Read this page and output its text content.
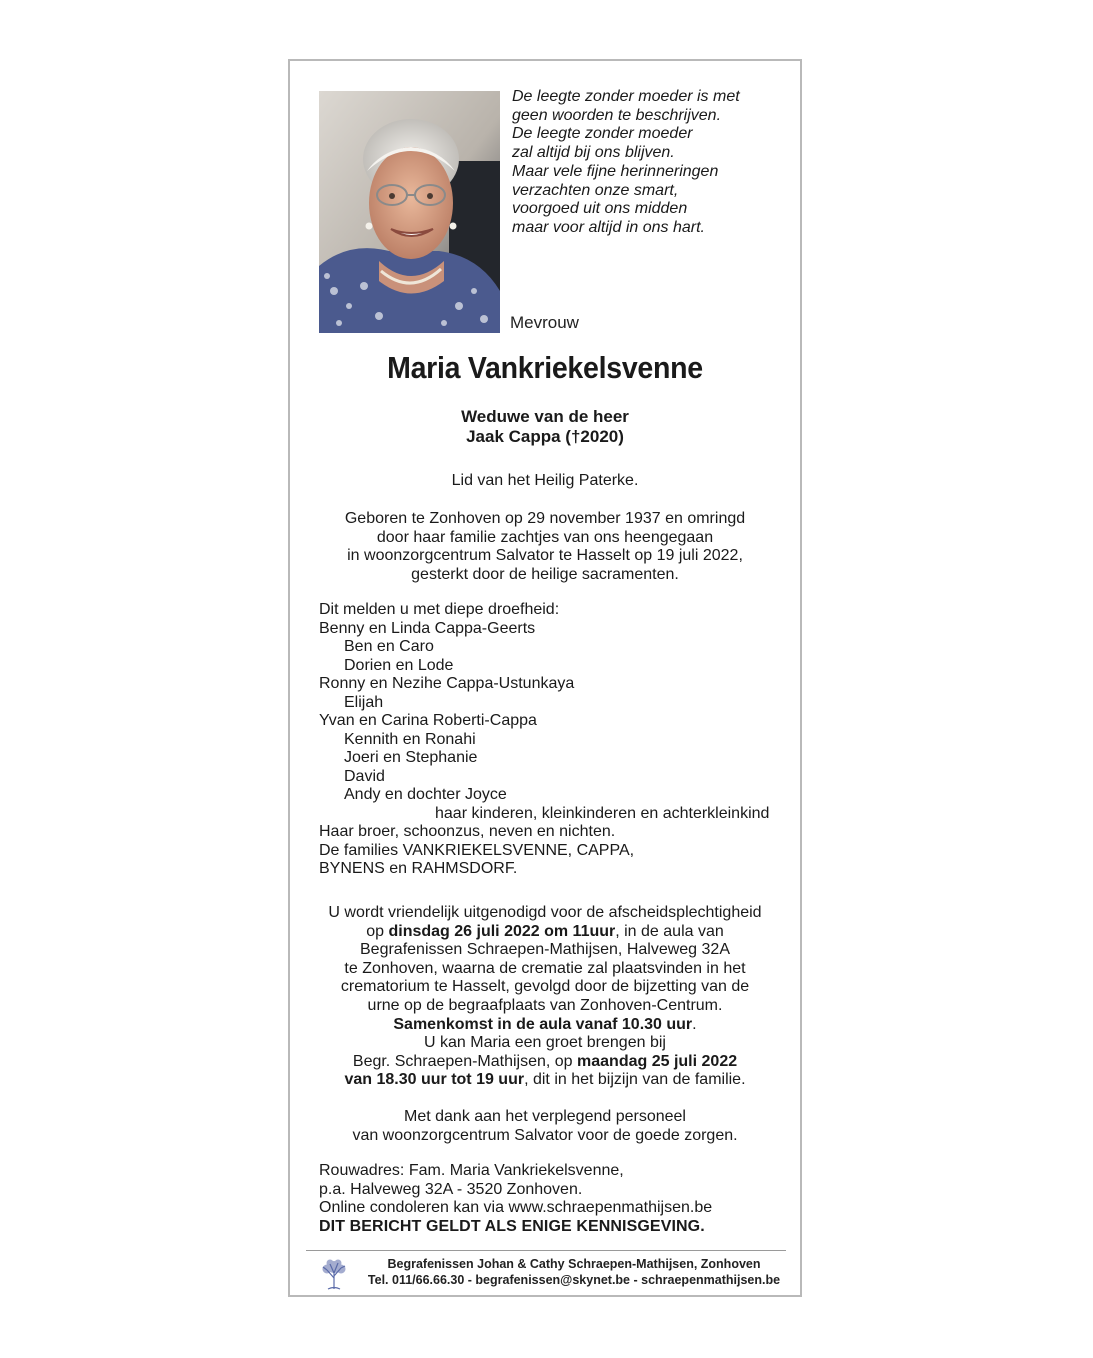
De leegte zonder moeder is met
geen woorden te beschrijven.
De leegte zonder moeder
zal altijd bij ons blijven.
Maar vele fijne herinneringen
verzachten onze smart,
voorgoed uit ons midden
maar voor altijd in ons hart.
Mevrouw
Maria Vankriekelsvenne
Weduwe van de heer
Jaak Cappa (†2020)
Lid van het Heilig Paterke.
Geboren te Zonhoven op 29 november 1937 en omringd
door haar familie zachtjes van ons heengegaan
in woonzorgcentrum Salvator te Hasselt op 19 juli 2022,
gesterkt door de heilige sacramenten.
Dit melden u met diepe droefheid:
Benny en Linda Cappa-Geerts
Ben en Caro
Dorien en Lode
Ronny en Nezihe Cappa-Ustunkaya
Elijah
Yvan en Carina Roberti-Cappa
Kennith en Ronahi
Joeri en Stephanie
David
Andy en dochter Joyce
haar kinderen, kleinkinderen en achterkleinkind
Haar broer, schoonzus, neven en nichten.
De families VANKRIEKELSVENNE, CAPPA,
BYNENS en RAHMSDORF.
U wordt vriendelijk uitgenodigd voor de afscheidsplechtigheid
op dinsdag 26 juli 2022 om 11uur, in de aula van
Begrafenissen Schraepen-Mathijsen, Halveweg 32A
te Zonhoven, waarna de crematie zal plaatsvinden in het
crematorium te Hasselt, gevolgd door de bijzetting van de
urne op de begraafplaats van Zonhoven-Centrum.
Samenkomst in de aula vanaf 10.30 uur.
U kan Maria een groet brengen bij
Begr. Schraepen-Mathijsen, op maandag 25 juli 2022
van 18.30 uur tot 19 uur, dit in het bijzijn van de familie.
Met dank aan het verplegend personeel
van woonzorgcentrum Salvator voor de goede zorgen.
Rouwadres: Fam. Maria Vankriekelsvenne,
p.a. Halveweg 32A - 3520 Zonhoven.
Online condoleren kan via www.schraepenmathijsen.be
DIT BERICHT GELDT ALS ENIGE KENNISGEVING.
Begrafenissen Johan & Cathy Schraepen-Mathijsen, Zonhoven
Tel. 011/66.66.30 - begrafenissen@skynet.be - schraepenmathijsen.be
